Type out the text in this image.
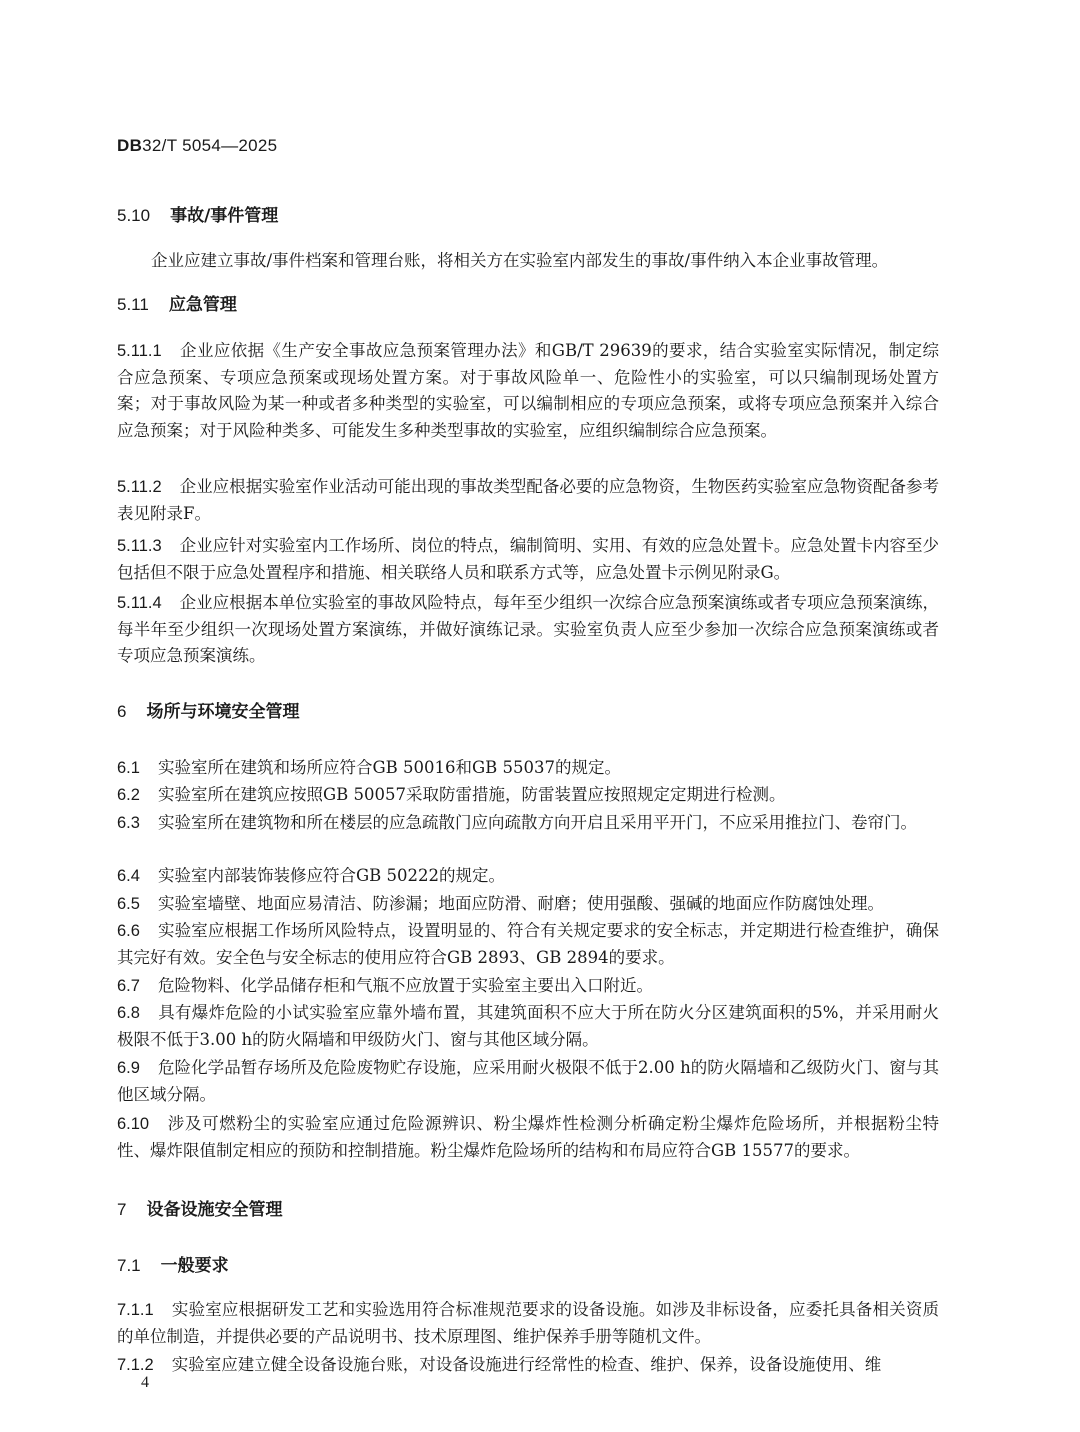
DB32/T 5054—2025
5.10 事故/事件管理
企业应建立事故/事件档案和管理台账，将相关方在实验室内部发生的事故/事件纳入本企业事故管理。
5.11 应急管理
5.11.1 企业应依据《生产安全事故应急预案管理办法》和GB/T 29639的要求，结合实验室实际情况，制定综合应急预案、专项应急预案或现场处置方案。对于事故风险单一、危险性小的实验室，可以只编制现场处置方案；对于事故风险为某一种或者多种类型的实验室，可以编制相应的专项应急预案，或将专项应急预案并入综合应急预案；对于风险种类多、可能发生多种类型事故的实验室，应组织编制综合应急预案。
5.11.2 企业应根据实验室作业活动可能出现的事故类型配备必要的应急物资，生物医药实验室应急物资配备参考表见附录F。
5.11.3 企业应针对实验室内工作场所、岗位的特点，编制简明、实用、有效的应急处置卡。应急处置卡内容至少包括但不限于应急处置程序和措施、相关联络人员和联系方式等，应急处置卡示例见附录G。
5.11.4 企业应根据本单位实验室的事故风险特点，每年至少组织一次综合应急预案演练或者专项应急预案演练，每半年至少组织一次现场处置方案演练，并做好演练记录。实验室负责人应至少参加一次综合应急预案演练或者专项应急预案演练。
6 场所与环境安全管理
6.1 实验室所在建筑和场所应符合GB 50016和GB 55037的规定。
6.2 实验室所在建筑应按照GB 50057采取防雷措施，防雷装置应按照规定定期进行检测。
6.3 实验室所在建筑物和所在楼层的应急疏散门应向疏散方向开启且采用平开门，不应采用推拉门、卷帘门。
6.4 实验室内部装饰装修应符合GB 50222的规定。
6.5 实验室墙壁、地面应易清洁、防渗漏；地面应防滑、耐磨；使用强酸、强碱的地面应作防腐蚀处理。
6.6 实验室应根据工作场所风险特点，设置明显的、符合有关规定要求的安全标志，并定期进行检查维护，确保其完好有效。安全色与安全标志的使用应符合GB 2893、GB 2894的要求。
6.7 危险物料、化学品储存柜和气瓶不应放置于实验室主要出入口附近。
6.8 具有爆炸危险的小试实验室应靠外墙布置，其建筑面积不应大于所在防火分区建筑面积的5%，并采用耐火极限不低于3.00 h的防火隔墙和甲级防火门、窗与其他区域分隔。
6.9 危险化学品暂存场所及危险废物贮存设施，应采用耐火极限不低于2.00 h的防火隔墙和乙级防火门、窗与其他区域分隔。
6.10 涉及可燃粉尘的实验室应通过危险源辨识、粉尘爆炸性检测分析确定粉尘爆炸危险场所，并根据粉尘特性、爆炸限值制定相应的预防和控制措施。粉尘爆炸危险场所的结构和布局应符合GB 15577的要求。
7 设备设施安全管理
7.1 一般要求
7.1.1 实验室应根据研发工艺和实验选用符合标准规范要求的设备设施。如涉及非标设备，应委托具备相关资质的单位制造，并提供必要的产品说明书、技术原理图、维护保养手册等随机文件。
7.1.2 实验室应建立健全设备设施台账，对设备设施进行经常性的检查、维护、保养，设备设施使用、维
4
